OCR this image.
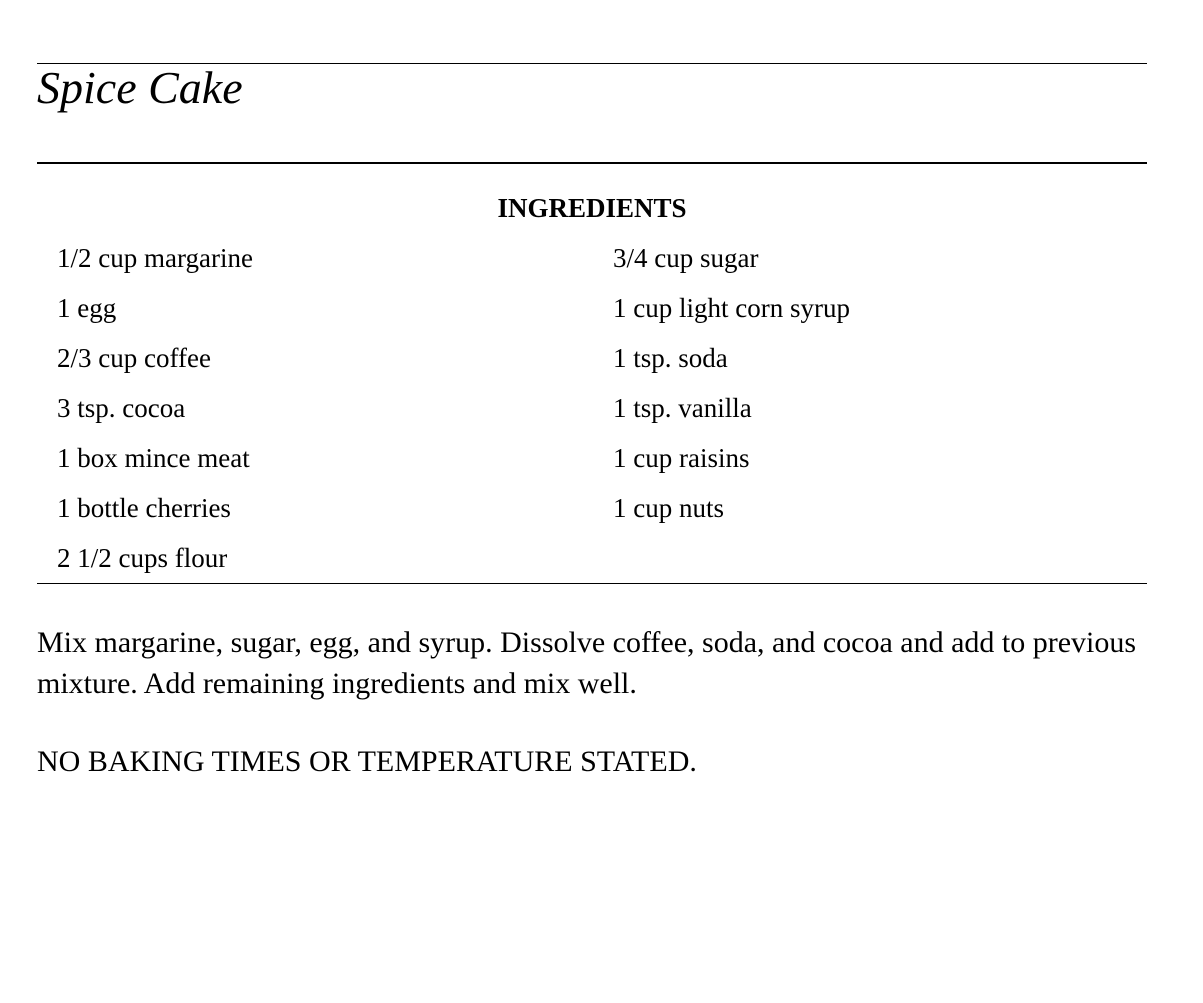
Spice Cake
INGREDIENTS
1/2 cup margarine
1 egg
2/3 cup coffee
3 tsp. cocoa
1 box mince meat
1 bottle cherries
2 1/2 cups flour
3/4 cup sugar
1 cup light corn syrup
1 tsp. soda
1 tsp. vanilla
1 cup raisins
1 cup nuts

Mix margarine, sugar, egg, and syrup. Dissolve coffee, soda, and cocoa and add to previous mixture. Add remaining ingredients and mix well.

NO BAKING TIMES OR TEMPERATURE STATED.
